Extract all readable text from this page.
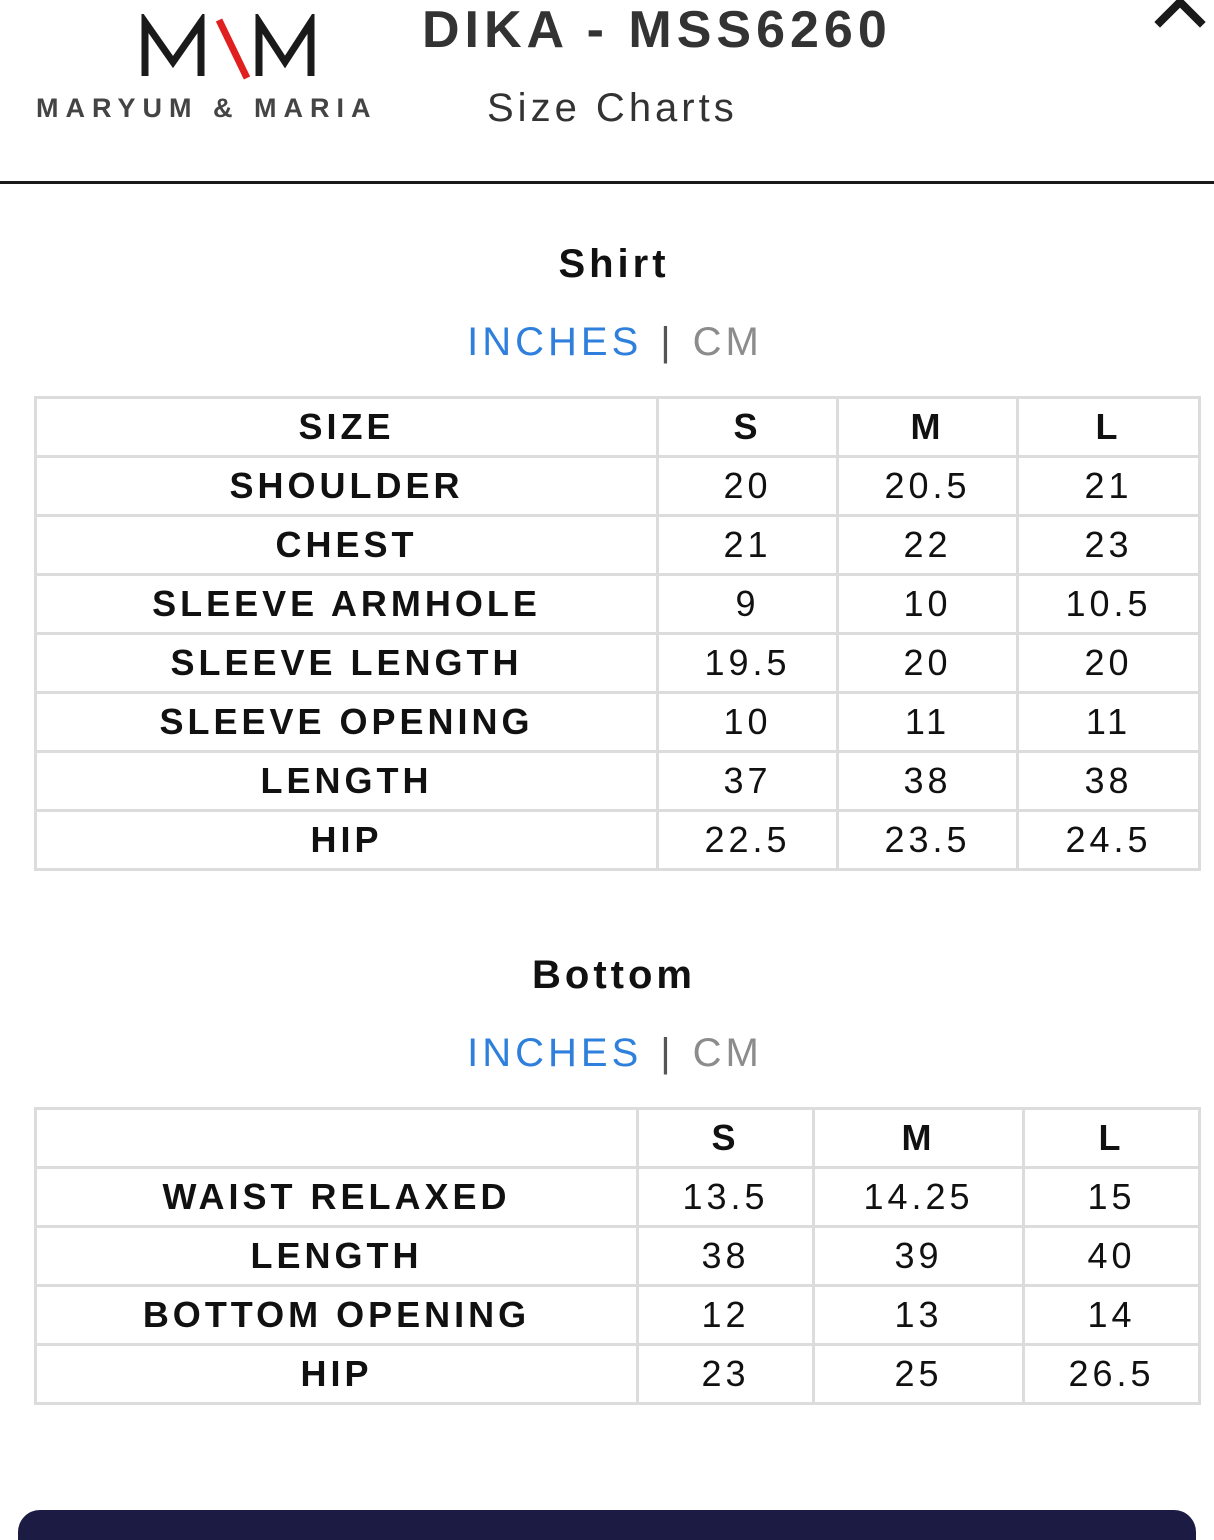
MARYUM & MARIA
DIKA - MSS6260
Size Charts
Shirt
INCHES | CM
SIZE	S	M	L
SHOULDER	20	20.5	21
CHEST	21	22	23
SLEEVE ARMHOLE	9	10	10.5
SLEEVE LENGTH	19.5	20	20
SLEEVE OPENING	10	11	11
LENGTH	37	38	38
HIP	22.5	23.5	24.5
Bottom
INCHES | CM
	S	M	L
WAIST RELAXED	13.5	14.25	15
LENGTH	38	39	40
BOTTOM OPENING	12	13	14
HIP	23	25	26.5
